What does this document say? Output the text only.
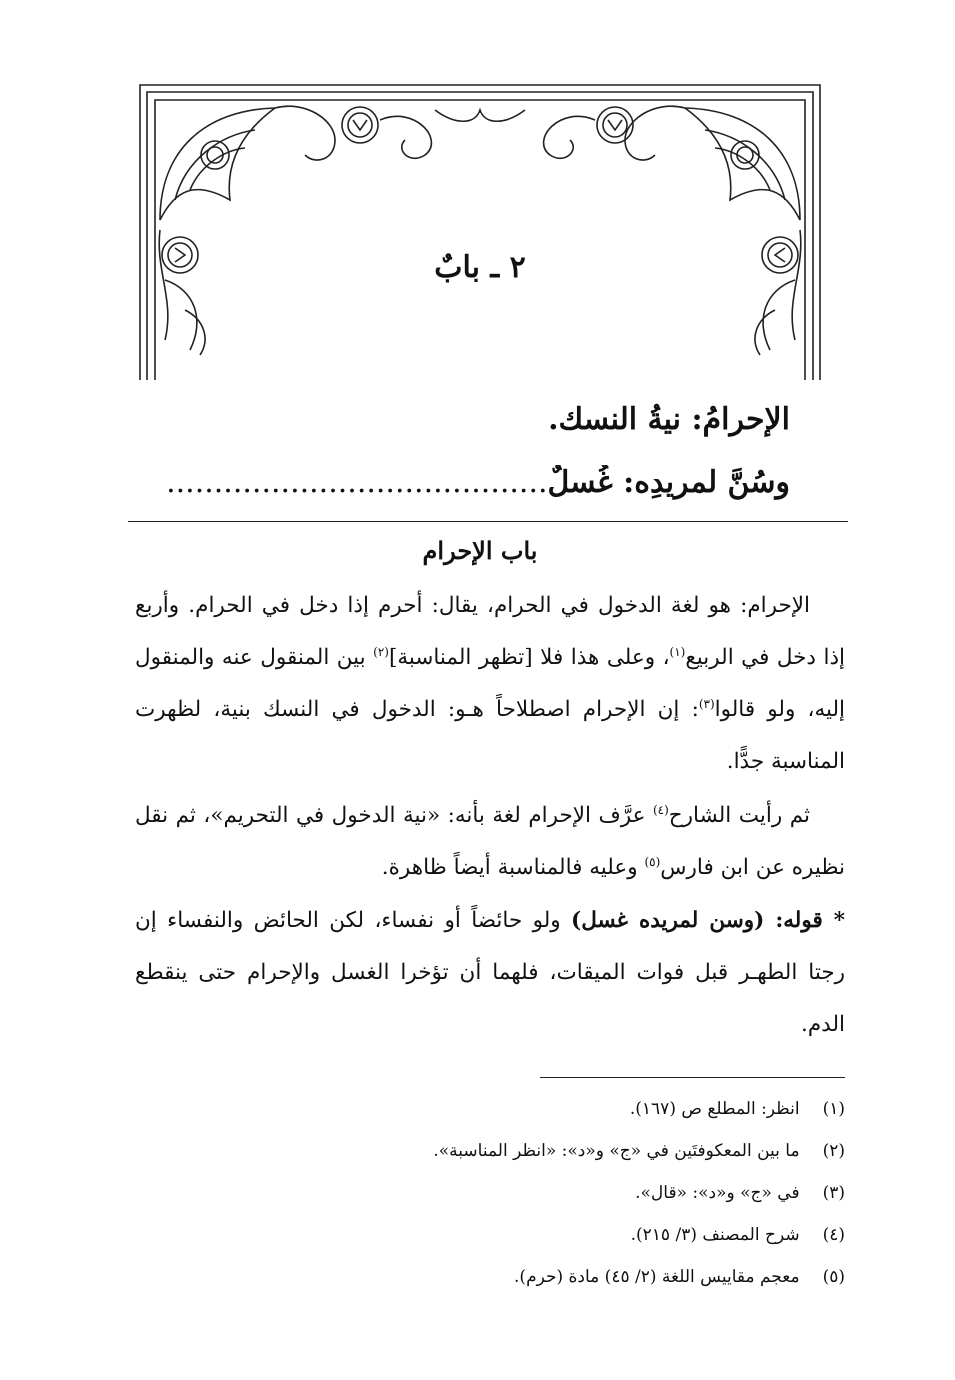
٢ ـ بابٌ
الإحرامُ: نيةُ النسك.
وسُنَّ لمريدِه: غُسلٌ........................................
باب الإحرام

الإحرام: هو لغة الدخول في الحرام، يقال: أحرم إذا دخل في الحرام. وأربع إذا دخل في الربيع$^{(١)}$، وعلى هذا فلا [تظهر المناسبة]$^{(٢)}$ بين المنقول عنه والمنقول إليه، ولو قالوا$^{(٣)}$: إن الإحرام اصطلاحاً هـو: الدخول في النسك بنية، لظهرت المناسبة جدًّا.

ثم رأيت الشارح$^{(٤)}$ عرَّف الإحرام لغة بأنه: «نية الدخول في التحريم»، ثم نقل نظيره عن ابن فارس$^{(٥)}$ وعليه فالمناسبة أيضاً ظاهرة.

* قوله: (وسن لمريده غسل) ولو حائضاً أو نفساء، لكن الحائض والنفساء إن رجتا الطهـر قبل فوات الميقات، فلهما أن تؤخرا الغسل والإحرام حتى ينقطع الدم.

(١) انظر: المطلع ص (١٦٧).
(٢) ما بين المعكوفتَين في «ج» و«د»: «انظر المناسبة».
(٣) في «ج» و«د»: «قال».
(٤) شرح المصنف (٣/ ٢١٥).
(٥) معجم مقاييس اللغة (٢/ ٤٥) مادة (حرم).
